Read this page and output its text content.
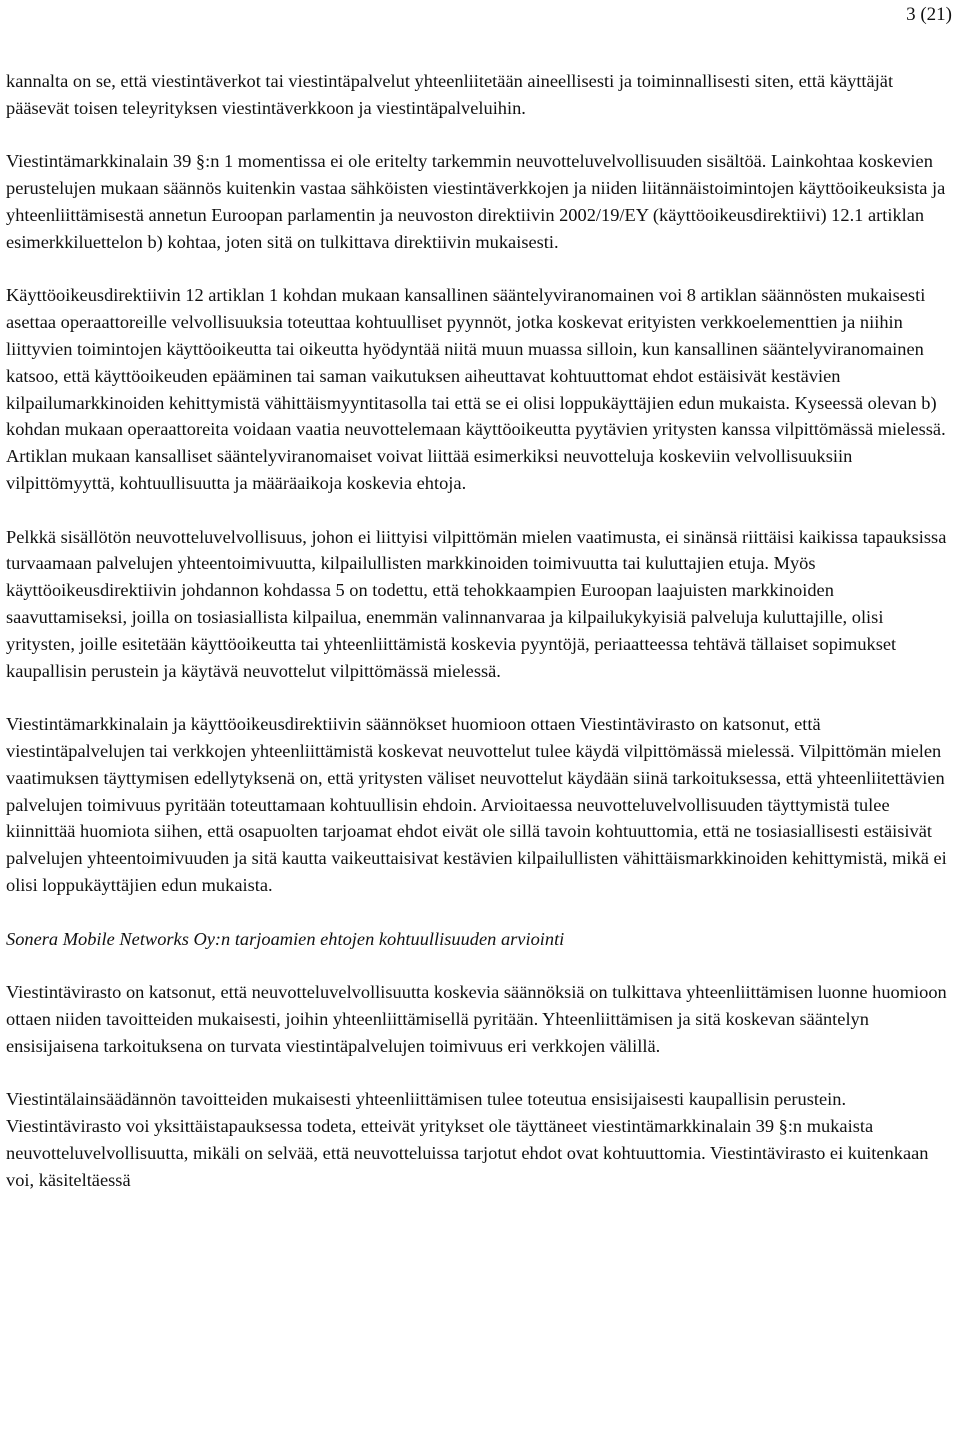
3 (21)

kannalta on se, että viestintäverkot tai viestintäpalvelut yhteenliitetään aineellisesti ja toiminnallisesti siten, että käyttäjät pääsevät toisen teleyrityksen viestintäverkkoon ja viestintäpalveluihin.

Viestintämarkkinalain 39 §:n 1 momentissa ei ole eritelty tarkemmin neuvotteluvelvollisuuden sisältöä. Lainkohtaa koskevien perustelujen mukaan säännös kuitenkin vastaa sähköisten viestintäverkkojen ja niiden liitännäistoimintojen käyttöoikeuksista ja yhteenliittämisestä annetun Euroopan parlamentin ja neuvoston direktiivin 2002/19/EY (käyttöoikeusdirektiivi) 12.1 artiklan esimerkkiluettelon b) kohtaa, joten sitä on tulkittava direktiivin mukaisesti.

Käyttöoikeusdirektiivin 12 artiklan 1 kohdan mukaan kansallinen sääntelyviranomainen voi 8 artiklan säännösten mukaisesti asettaa operaattoreille velvollisuuksia toteuttaa kohtuulliset pyynnöt, jotka koskevat erityisten verkkoelementtien ja niihin liittyvien toimintojen käyttöoikeutta tai oikeutta hyödyntää niitä muun muassa silloin, kun kansallinen sääntelyviranomainen katsoo, että käyttöoikeuden epääminen tai saman vaikutuksen aiheuttavat kohtuuttomat ehdot estäisivät kestävien kilpailumarkkinoiden kehittymistä vähittäismyyntitasolla tai että se ei olisi loppukäyttäjien edun mukaista. Kyseessä olevan b) kohdan mukaan operaattoreita voidaan vaatia neuvottelemaan käyttöoikeutta pyytävien yritysten kanssa vilpittömässä mielessä. Artiklan mukaan kansalliset sääntelyviranomaiset voivat liittää esimerkiksi neuvotteluja koskeviin velvollisuuksiin vilpittömyyttä, kohtuullisuutta ja määräaikoja koskevia ehtoja.

Pelkkä sisällötön neuvotteluvelvollisuus, johon ei liittyisi vilpittömän mielen vaatimusta, ei sinänsä riittäisi kaikissa tapauksissa turvaamaan palvelujen yhteentoimivuutta, kilpailullisten markkinoiden toimivuutta tai kuluttajien etuja. Myös käyttöoikeusdirektiivin johdannon kohdassa 5 on todettu, että tehokkaampien Euroopan laajuisten markkinoiden saavuttamiseksi, joilla on tosiasiallista kilpailua, enemmän valinnanvaraa ja kilpailukykyisiä palveluja kuluttajille, olisi yritysten, joille esitetään käyttöoikeutta tai yhteenliittämistä koskevia pyyntöjä, periaatteessa tehtävä tällaiset sopimukset kaupallisin perustein ja käytävä neuvottelut vilpittömässä mielessä.

Viestintämarkkinalain ja käyttöoikeusdirektiivin säännökset huomioon ottaen Viestintävirasto on katsonut, että viestintäpalvelujen tai verkkojen yhteenliittämistä koskevat neuvottelut tulee käydä vilpittömässä mielessä. Vilpittömän mielen vaatimuksen täyttymisen edellytyksenä on, että yritysten väliset neuvottelut käydään siinä tarkoituksessa, että yhteenliitettävien palvelujen toimivuus pyritään toteuttamaan kohtuullisin ehdoin. Arvioitaessa neuvotteluvelvollisuuden täyttymistä tulee kiinnittää huomiota siihen, että osapuolten tarjoamat ehdot eivät ole sillä tavoin kohtuuttomia, että ne tosiasiallisesti estäisivät palvelujen yhteentoimivuuden ja sitä kautta vaikeuttaisivat kestävien kilpailullisten vähittäismarkkinoiden kehittymistä, mikä ei olisi loppukäyttäjien edun mukaista.

Sonera Mobile Networks Oy:n tarjoamien ehtojen kohtuullisuuden arviointi

Viestintävirasto on katsonut, että neuvotteluvelvollisuutta koskevia säännöksiä on tulkittava yhteenliittämisen luonne huomioon ottaen niiden tavoitteiden mukaisesti, joihin yhteenliittämisellä pyritään. Yhteenliittämisen ja sitä koskevan sääntelyn ensisijaisena tarkoituksena on turvata viestintäpalvelujen toimivuus eri verkkojen välillä.

Viestintälainsäädännön tavoitteiden mukaisesti yhteenliittämisen tulee toteutua ensisijaisesti kaupallisin perustein. Viestintävirasto voi yksittäistapauksessa todeta, etteivät yritykset ole täyttäneet viestintämarkkinalain 39 §:n mukaista neuvotteluvelvollisuutta, mikäli on selvää, että neuvotteluissa tarjotut ehdot ovat kohtuuttomia. Viestintävirasto ei kuitenkaan voi, käsiteltäessä
